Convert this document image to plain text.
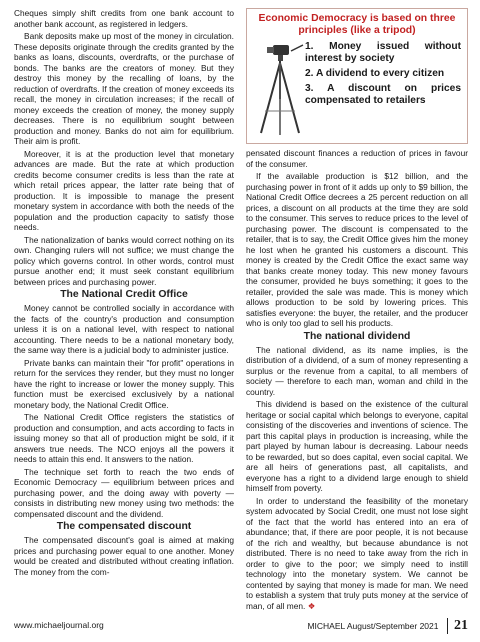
Cheques simply shift credits from one bank account to another bank account, as registered in ledgers.

Bank deposits make up most of the money in circulation. These deposits originate through the credits granted by the banks as loans, discounts, overdrafts, or the purchase of bonds. The banks are the creators of money. But they destroy this money by the recalling of loans, by the reduction of overdrafts. If the creation of money exceeds its recall, the money in circulation increases; if the recall of money exceeds the creation of money, the money supply decreases. There is no equilibrium sought between production and money. Banks do not aim for equilibrium. Their aim is profit.

Moreover, it is at the production level that monetary advances are made. But the rate at which production credits become consumer credits is less than the rate at which retail prices appear, the latter rate being that of production. It is impossible to manage the present monetary system in accordance with both the needs of the population and the production capacity to satisfy those needs.

The nationalization of banks would correct nothing on its own. Changing rulers will not suffice; we must change the policy which governs control. In other words, control must pursue another end; it must seek constant equilibrium between prices and purchasing power.

The National Credit Office

Money cannot be controlled socially in accordance with the facts of the country's production and consumption unless it is on a national level, with respect to national accounting. There needs to be a national monetary body, the same way there is a judicial body to administer justice.

Private banks can maintain their "for profit" operations in return for the services they render, but they must no longer have the right to increase or lower the money supply. This function must be exercised exclusively by a national monetary body, the National Credit Office.

The National Credit Office registers the statistics of production and consumption, and acts according to facts in issuing money so that all of production might be sold, if it answers true needs. The NCO enjoys all the powers it needs to attain this end. It answers to the nation.

The technique set forth to reach the two ends of Economic Democracy — equilibrium between prices and purchasing power, and the doing away with poverty — consists in distributing new money using two methods: the compensated discount and the dividend.

The compensated discount

The compensated discount's goal is aimed at making prices and purchasing power equal to one another. Money would be created and distributed without creating inflation. The money from the com-

Economic Democracy is based on three principles (like a tripod)
1. Money issued without interest by society
2. A dividend to every citizen
3. A discount on prices compensated to retailers

pensated discount finances a reduction of prices in favour of the consumer.

If the available production is $12 billion, and the purchasing power in front of it adds up only to $9 billion, the National Credit Office decrees a 25 percent reduction on all prices, a discount on all products at the time they are sold to the consumer. This serves to reduce prices to the level of purchasing power. The discount is compensated to the retailer, that is to say, the Credit Office gives him the money he lost when he granted his customers a discount. This money is created by the Credit Office the exact same way that banks create money today. This new money favours the consumer, provided he buys something; it goes to the retailer, provided the sale was made. This is money which allows production to be sold by lowering prices. This satisfies everyone: the buyer, the retailer, and the producer who is only too glad to sell his products.

The national dividend

The national dividend, as its name implies, is the distribution of a dividend, of a sum of money representing a surplus or the revenue from a capital, to all members of society — therefore to each man, woman and child in the country.

This dividend is based on the existence of the cultural heritage or social capital which belongs to everyone, capital consisting of the discoveries and inventions of science. The part this capital plays in production is increasing, while the part played by human labour is decreasing. Labour needs to be rewarded, but so does capital, even social capital. We are all heirs of generations past, all capitalists, and everyone has a right to a dividend large enough to shield himself from poverty.

In order to understand the feasibility of the monetary system advocated by Social Credit, one must not lose sight of the fact that the world has entered into an era of abundance; that, if there are poor people, it is not because of the rich and wealthy, but because abundance is not distributed. There is no need to take away from the rich in order to give to the poor; we simply need to instill technology into the monetary system. We cannot be contented by saying that money is made for man. We need to establish a system that truly puts money at the service of man, of all men. ❖

www.michaeljournal.org	MICHAEL August/September 2021 21
